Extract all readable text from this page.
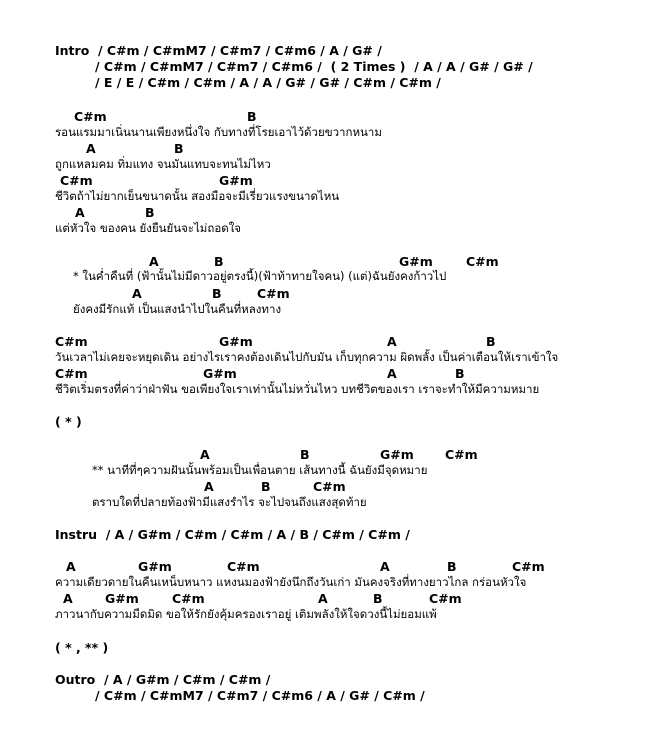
Intro  / C#m / C#mM7 / C#m7 / C#m6 / A / G# /
/ C#m / C#mM7 / C#m7 / C#m6 /  ( 2 Times )  / A / A / G# / G# /
/ E / E / C#m / C#m / A / A / G# / G# / C#m / C#m /
C#m	B
รอนแรมมาเนิ่นนานเพียงหนึ่งใจ กับทางที่โรยเอาไว้ด้วยขวากหนาม
A	B
ถูกแหลมคม ทิ่มแทง จนมันแทบจะทนไม่ไหว
C#m	G#m
ชีวิตถ้าไม่ยากเย็นขนาดนั้น สองมือจะมีเรี่ยวแรงขนาดไหน
A	B
แต่หัวใจ ของคน ยังยืนยันจะไม่ถอดใจ
A	B	G#m	C#m
* ในค่ำคืนที่ (ฟ้านั้นไม่มีดาวอยู่ตรงนี้)(ฟ้าท้าทายใจคน) (แต่)ฉันยังคงก้าวไป
A	B	C#m
ยังคงมีรักแท้ เป็นแสงนำไปในคืนที่หลงทาง
C#m	G#m	A	B
วันเวลาไม่เคยจะหยุดเดิน อย่างไรเราคงต้องเดินไปกับมัน เก็บทุกความ ผิดพลั้ง เป็นค่าเตือนให้เราเข้าใจ
C#m	G#m	A	B
ชีวิตเริ่มตรงที่ค่าว่าฝ่าฟัน ขอเพียงใจเราเท่านั้นไม่หวั่นไหว บทชีวิตของเรา เราจะทำให้มีความหมาย
( * )
A	B	G#m C#m
** นาทีที่ๆความฝันนั้นพร้อมเป็นเพื่อนตาย เส้นทางนี้ ฉันยังมีจุดหมาย
A	B	C#m
ตราบใดที่ปลายท้องฟ้ามีแสงรำไร จะไปจนถึงแสงสุดท้าย
Instru  / A / G#m / C#m / C#m / A / B / C#m / C#m /
A	G#m	C#m	A	B	C#m
ความเดียวดายในคืนเหน็บหนาว แหงนมองฟ้ายังนึกถึงวันเก่า มันคงจริงที่ทางยาวไกล กร่อนหัวใจ
A	G#m	C#m	A	B	C#m
ภาวนากับความมืดมิด ขอให้รักยังคุ้มครองเราอยู่ เติมพลังให้ใจดวงนี้ไม่ยอมแพ้
( * , ** )
Outro  / A / G#m / C#m / C#m /
/ C#m / C#mM7 / C#m7 / C#m6 / A / G# / C#m /
